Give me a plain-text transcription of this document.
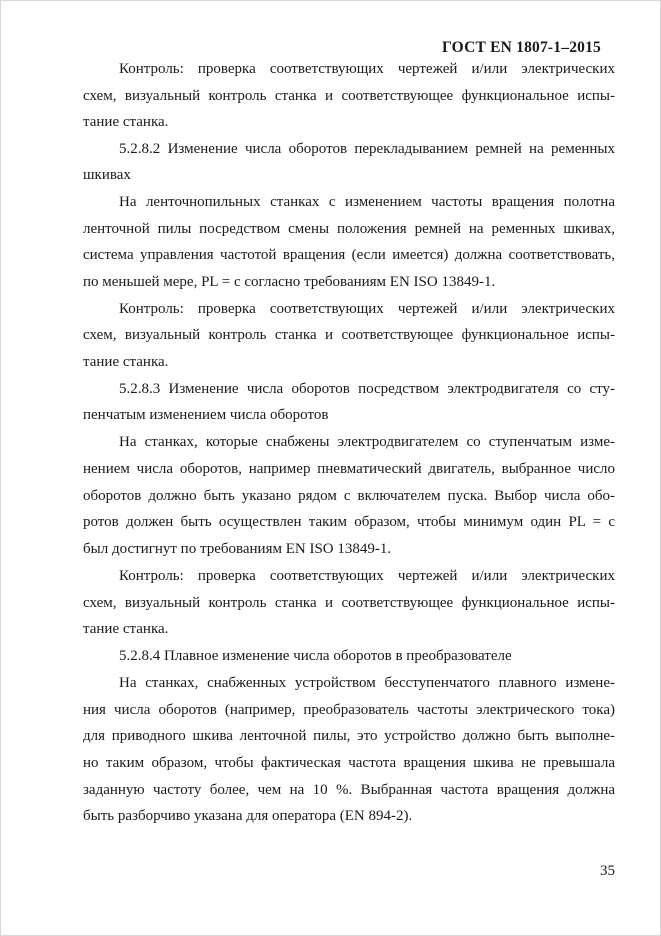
ГОСТ EN 1807-1–2015
Контроль: проверка соответствующих чертежей и/или электрических
схем, визуальный контроль станка и соответствующее функциональное испы-
тание станка.
5.2.8.2 Изменение числа оборотов перекладыванием ремней на ременных
шкивах
На ленточнопильных станках с изменением частоты вращения полотна
ленточной пилы посредством смены положения ремней на ременных шкивах,
система управления частотой вращения (если имеется) должна соответствовать,
по меньшей мере, PL = c согласно требованиям EN ISO 13849-1.
Контроль: проверка соответствующих чертежей и/или электрических
схем, визуальный контроль станка и соответствующее функциональное испы-
тание станка.
5.2.8.3 Изменение числа оборотов посредством электродвигателя со сту-
пенчатым изменением числа оборотов
На станках, которые снабжены электродвигателем со ступенчатым изме-
нением числа оборотов, например пневматический двигатель, выбранное число
оборотов должно быть указано рядом с включателем пуска. Выбор числа обо-
ротов должен быть осуществлен таким образом, чтобы минимум один PL = c
был достигнут по требованиям EN ISO 13849-1.
Контроль: проверка соответствующих чертежей и/или электрических
схем, визуальный контроль станка и соответствующее функциональное испы-
тание станка.
5.2.8.4 Плавное изменение числа оборотов в преобразователе
На станках, снабженных устройством бесступенчатого плавного измене-
ния числа оборотов (например, преобразователь частоты электрического тока)
для приводного шкива ленточной пилы, это устройство должно быть выполне-
но таким образом, чтобы фактическая частота вращения шкива не превышала
заданную частоту более, чем на 10 %. Выбранная частота вращения должна
быть разборчиво указана для оператора (EN 894-2).
35
